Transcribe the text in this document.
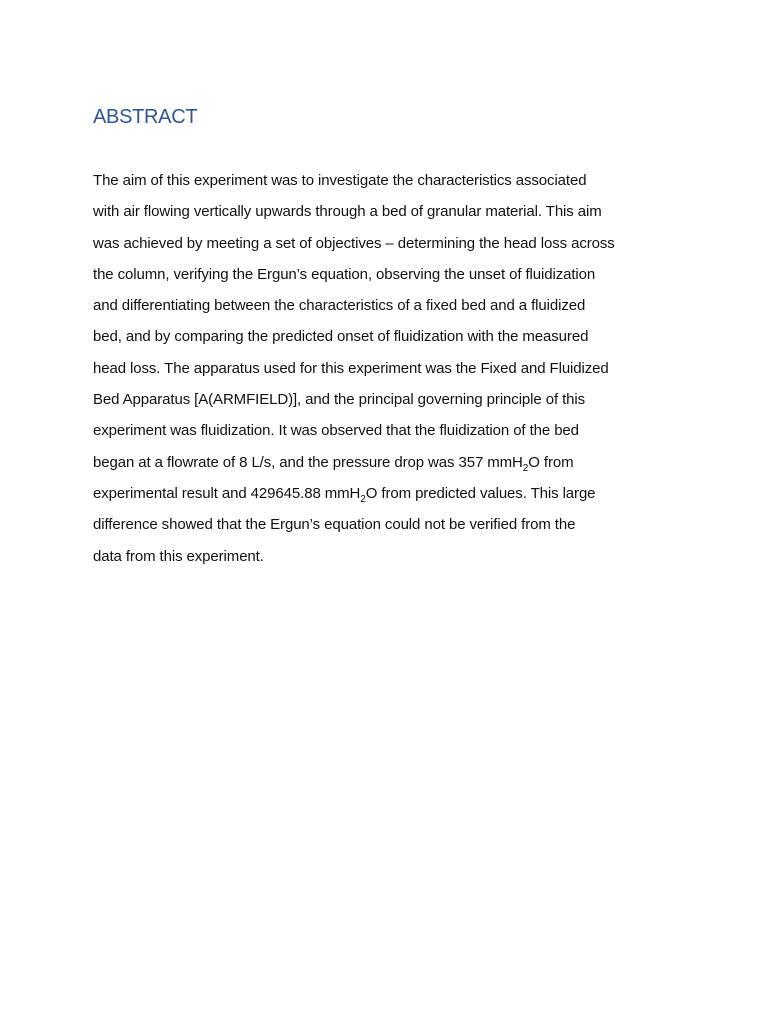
ABSTRACT
The aim of this experiment was to investigate the characteristics associated
with air flowing vertically upwards through a bed of granular material. This aim
was achieved by meeting a set of objectives – determining the head loss across
the column, verifying the Ergun’s equation, observing the unset of fluidization
and differentiating between the characteristics of a fixed bed and a fluidized
bed, and by comparing the predicted onset of fluidization with the measured
head loss. The apparatus used for this experiment was the Fixed and Fluidized
Bed Apparatus [A(ARMFIELD)], and the principal governing principle of this
experiment was fluidization. It was observed that the fluidization of the bed
began at a flowrate of 8 L/s, and the pressure drop was 357 mmH$_2$O from
experimental result and 429645.88 mmH$_2$O from predicted values. This large
difference showed that the Ergun’s equation could not be verified from the
data from this experiment.
